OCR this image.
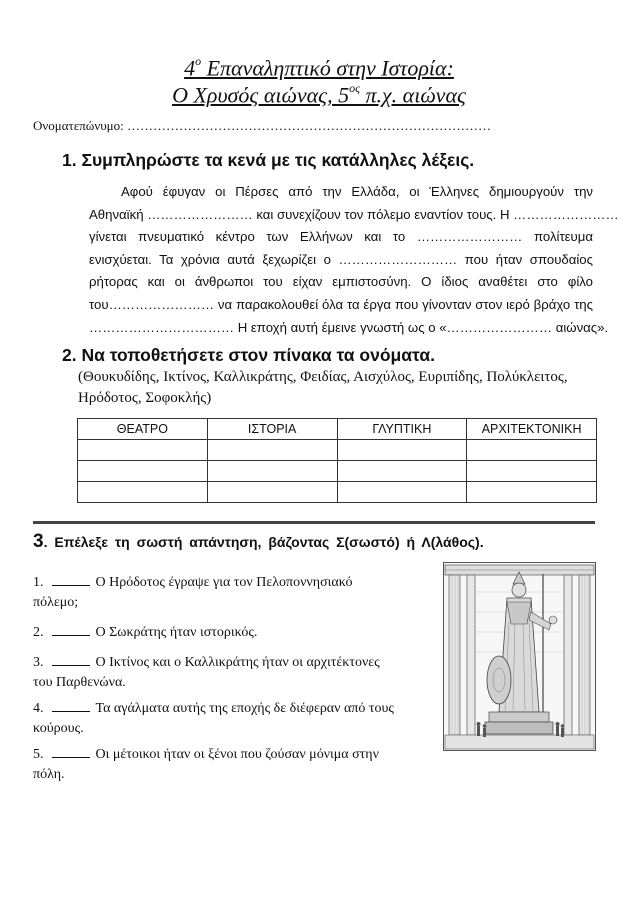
$4^o$ Επαναληπτικό στην Ιστορία:
Ο Χρυσός αιώνας, $5^{o\varsigma}$ π.χ. αιώνας
Ονοματεπώνυμο: …………………………………………………………………………
1. Συμπληρώστε τα κενά με τις κατάλληλες λέξεις.
Αφού έφυγαν οι Πέρσες από την Ελλάδα, οι Έλληνες δημιουργούν την
Αθηναϊκή …………………… και συνεχίζουν τον πόλεμο εναντίον τους. Η ……………………
γίνεται πνευματικό κέντρο των Ελλήνων και το …………………… πολίτευμα
ενισχύεται. Τα χρόνια αυτά ξεχωρίζει ο ……………………… που ήταν σπουδαίος
ρήτορας και οι άνθρωποι του είχαν εμπιστοσύνη. Ο ίδιος αναθέτει στο φίλο
του…………………… να παρακολουθεί όλα τα έργα που γίνονταν στον ιερό βράχο της
…………………………… Η εποχή αυτή έμεινε γνωστή ως ο «…………………… αιώνας».
2. Να τοποθετήσετε στον πίνακα τα ονόματα.
(Θουκυδίδης, Ικτίνος, Καλλικράτης, Φειδίας, Αισχύλος, Ευριπίδης, Πολύκλειτος,
Ηρόδοτος, Σοφοκλής)
ΘΕΑΤΡΟ	ΙΣΤΟΡΙΑ	ΓΛΥΠΤΙΚΗ	ΑΡΧΙΤΕΚΤΟΝΙΚΗ

3. Επέλεξε τη σωστή απάντηση, βάζοντας Σ(σωστό) ή Λ(λάθος).
1.	Ο Ηρόδοτος έγραψε για τον Πελοποννησιακό
πόλεμο;
2.	Ο Σωκράτης ήταν ιστορικός.
3.	Ο Ικτίνος και ο Καλλικράτης ήταν οι αρχιτέκτονες
του Παρθενώνα.
4.	Τα αγάλματα αυτής της εποχής δε διέφεραν από τους
κούρους.
5.	Οι μέτοικοι ήταν οι ξένοι που ζούσαν μόνιμα στην
πόλη.
